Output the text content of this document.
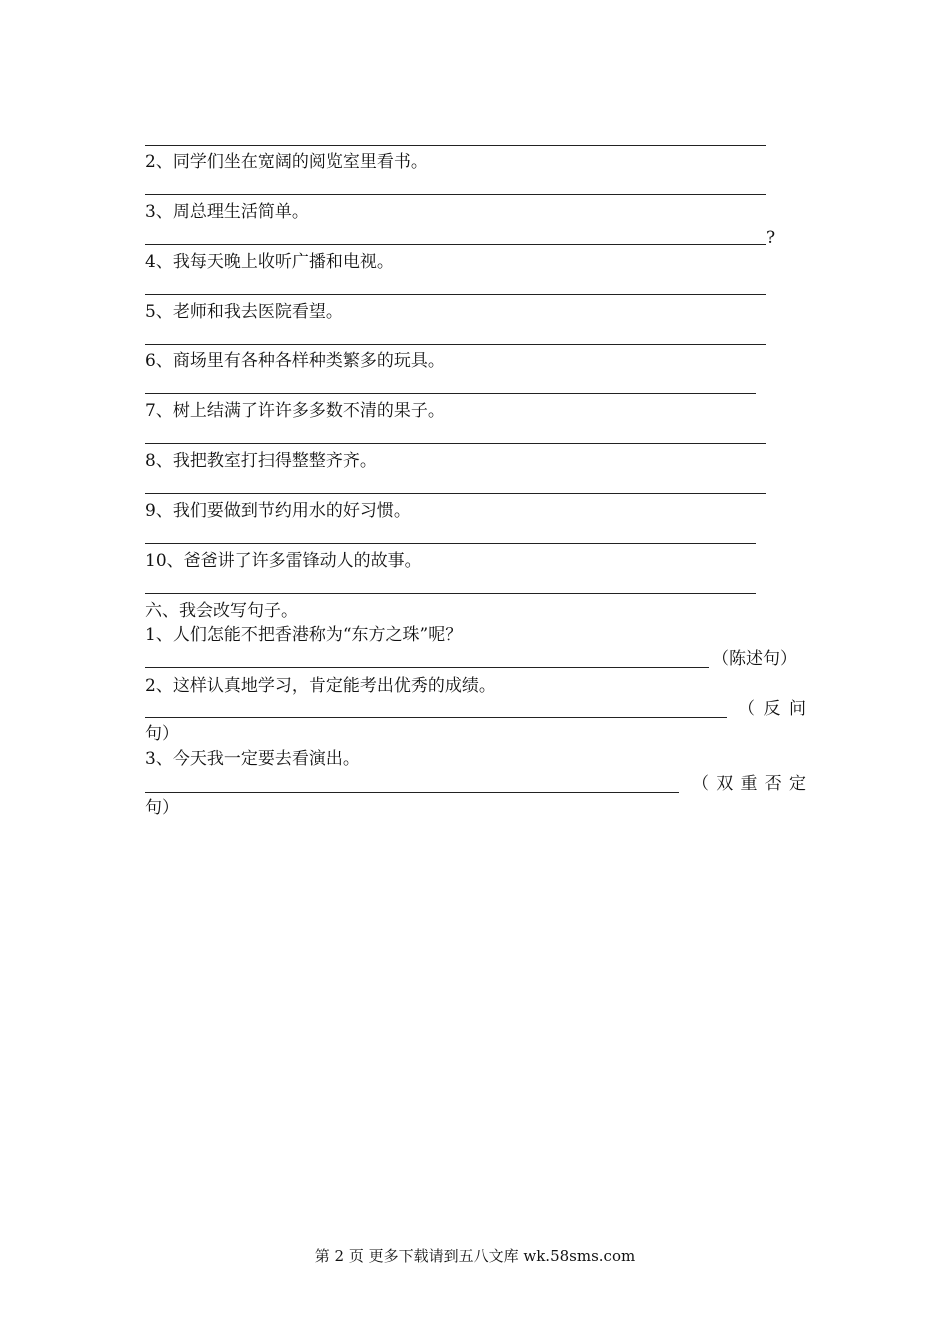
2、同学们坐在宽阔的阅览室里看书。
3、周总理生活简单。
?
4、我每天晚上收听广播和电视。
5、老师和我去医院看望。
6、商场里有各种各样种类繁多的玩具。
7、树上结满了许许多多数不清的果子。
8、我把教室打扫得整整齐齐。
9、我们要做到节约用水的好习惯。
10、爸爸讲了许多雷锋动人的故事。
六、我会改写句子。
1、人们怎能不把香港称为“东方之珠”呢？
（陈述句）
2、这样认真地学习，肯定能考出优秀的成绩。
（ 反 问
句）
3、今天我一定要去看演出。
（ 双 重 否 定
句）
第 2 页 更多下载请到五八文库 wk.58sms.com
